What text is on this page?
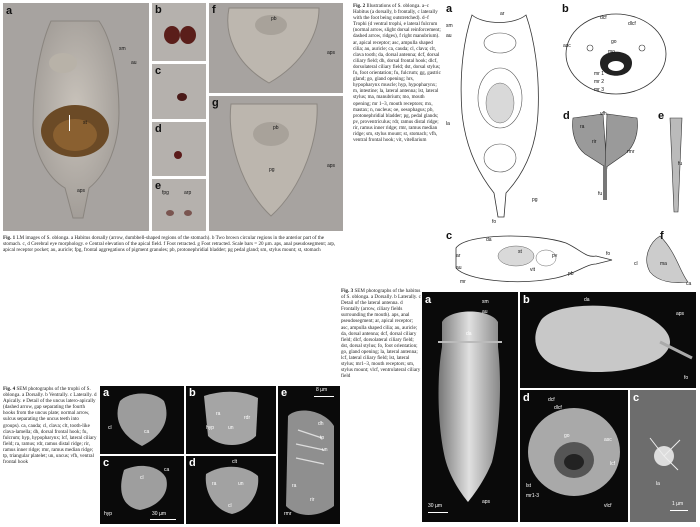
a
sm
au
st
aps
b
c
d
e
fpg	arp
f
pb
aps
g
pb
pg
aps
Fig. 1 LM images of S. oblonga. a Habitus dorsally (arrow, dumbbell-shaped regions of the stomach). b Two brown circular regions in the anterior part of the stomach. c, d Cerebral eye morphology. e Central elevation of the apical field. f Foot retracted. g Foot retracted. Scale bars = 20 µm. aps, anal pseudosegment; arp, apical receptor pocket; au, auricle; fpg, frontal aggregations of pigment granules; pb, protonephridial bladder; pg pedal gland; sm, stylus mount; st, stomach
Fig. 2 Illustrations of S. oblonga. a–c Habitus (a dorsally, b frontally, c laterally with the foot being outstretched). d–f Trophi (d ventral trophi, e lateral fulcrum (normal arrow, slight dorsal reinforcement; dashed arrow, ridges), f right manubrium). ar, apical receptor; asc, ampulla shaped cilia; au, auricle; ca, cauda; cl, clava; clt, clava tooth; da, dorsal antenna; dcf, dorsal ciliary field; dh, dorsal frontal hook; dlcf, dorsolateral ciliary field; dst, dorsal stylus; fo, foot orientation; fu, fulcrum; gg, gastric gland; go, gland opening; hrs, hypopharynx muscle; hyp, hypopharynx; m, intestine; la, lateral antenna; lst, lateral stylus; ma, manubrium; mo, mouth opening; mr 1–3, mouth receptors; mx, mastax; n, nucleus; oe, oesophagus; pb, protonephridial bladder; pg, pedal glands; pv, proventriculus; rdr, ramus distal ridge; rir, ramus inner ridge; rmr, ramus median ridge; sm, stylus mount; st, stomach; vfh, ventral frontal hook; vit, vitellarium
a	ar
sm
au
la
pg
fo
b
dcf
dlcf
asc
go
mo
mr 1
mr 2
mr 3
d
ra
vfh
rir
rmr
fu
e
fu
c	da
ar
au
st
pv
vit
pb
fo
mr
f
cl	ma
ca
Fig. 3 SEM photographs of the habitus of S. oblonga. a Dorsally. b Laterally. c Detail of the lateral antenna. d Frontally (arrow, ciliary fields surrounding the mouth). aps, anal pseudosegment; ar, apical receptor; asc, ampulla shaped cilia; au, auricle; da, dorsal antenna; dcf, dorsal ciliary field; dlcf, dorsolateral ciliary field; dst, dorsal stylus; fo, foot orientation; go, gland opening; la, lateral antenna; lcf, lateral ciliary field; lst, lateral stylus; mr1–3, mouth receptors; sm, stylus mount; vlcf, ventrolateral ciliary field
a
au
sm
da
aps
30 µm
b	da
aps
fo
d	dcf
dlcf
go
asc
lcf
lst
mr1-3
vlcf
c
la
1 µm
Fig. 4 SEM photographs of the trophi of S. oblonga. a Dorsally. b Ventrally. c Laterally. d Apically. e Detail of the uncus latero-apically (dashed arrow, gap separating the fourth hooks from the uncus plate; normal arrow, sulcus separating the uncus teeth into groups). ca, cauda; cl, clava; clt, tooth-like clava-lamella; dh, dorsal frontal hook; fu, fulcrum; hyp, hypopharynx; lcf, lateral ciliary field; ra, ramus; rdr, ramus distal ridge; rir, ramus inner ridge; rmr, ramus median ridge; tp, triangular platelet; un, uncus; vfh, ventral frontal hook
a
cl
ca
b
ra
rdr
hyp	un
c
cl
ca
hyp	30 µm
d	clt
ra	un
cl
e	8 µm
dh
tp
un
ra
rir
rmr
